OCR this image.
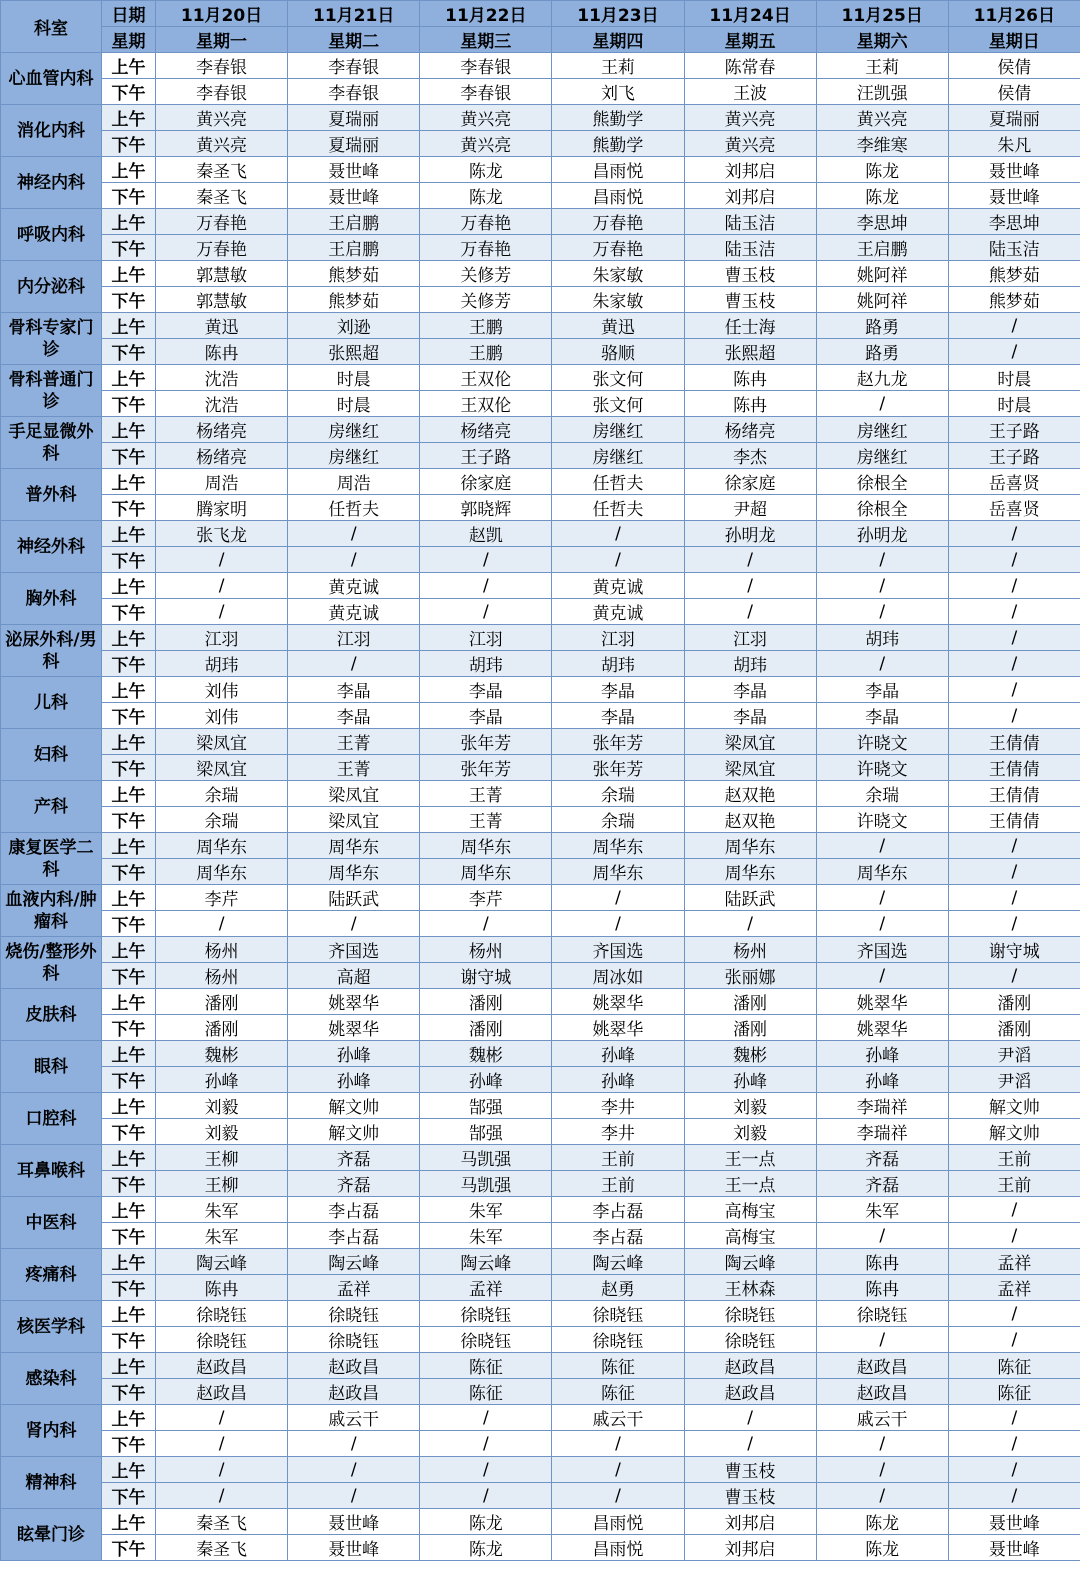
科室	日期	11月20日	11月21日	11月22日	11月23日	11月24日	11月25日	11月26日
	星期	星期一	星期二	星期三	星期四	星期五	星期六	星期日
心血管内科	上午	李春银	李春银	李春银	王莉	陈常春	王莉	侯倩
	下午	李春银	李春银	李春银	刘飞	王波	汪凯强	侯倩
消化内科	上午	黄兴亮	夏瑞丽	黄兴亮	熊勤学	黄兴亮	黄兴亮	夏瑞丽
	下午	黄兴亮	夏瑞丽	黄兴亮	熊勤学	黄兴亮	李维寒	朱凡
神经内科	上午	秦圣飞	聂世峰	陈龙	昌雨悦	刘邦启	陈龙	聂世峰
	下午	秦圣飞	聂世峰	陈龙	昌雨悦	刘邦启	陈龙	聂世峰
呼吸内科	上午	万春艳	王启鹏	万春艳	万春艳	陆玉洁	李思坤	李思坤
	下午	万春艳	王启鹏	万春艳	万春艳	陆玉洁	王启鹏	陆玉洁
内分泌科	上午	郭慧敏	熊梦茹	关修芳	朱家敏	曹玉枝	姚阿祥	熊梦茹
	下午	郭慧敏	熊梦茹	关修芳	朱家敏	曹玉枝	姚阿祥	熊梦茹
骨科专家门诊	上午	黄迅	刘逊	王鹏	黄迅	任士海	路勇	/
	下午	陈冉	张熙超	王鹏	骆顺	张熙超	路勇	/
骨科普通门诊	上午	沈浩	时晨	王双伦	张文何	陈冉	赵九龙	时晨
	下午	沈浩	时晨	王双伦	张文何	陈冉	/	时晨
手足显微外科	上午	杨绪亮	房继红	杨绪亮	房继红	杨绪亮	房继红	王子路
	下午	杨绪亮	房继红	王子路	房继红	李杰	房继红	王子路
普外科	上午	周浩	周浩	徐家庭	任哲夫	徐家庭	徐根全	岳喜贤
	下午	腾家明	任哲夫	郭晓辉	任哲夫	尹超	徐根全	岳喜贤
神经外科	上午	张飞龙	/	赵凯	/	孙明龙	孙明龙	/
	下午	/	/	/	/	/	/	/
胸外科	上午	/	黄克诚	/	黄克诚	/	/	/
	下午	/	黄克诚	/	黄克诚	/	/	/
泌尿外科/男科	上午	江羽	江羽	江羽	江羽	江羽	胡玮	/
	下午	胡玮	/	胡玮	胡玮	胡玮	/	/
儿科	上午	刘伟	李晶	李晶	李晶	李晶	李晶	/
	下午	刘伟	李晶	李晶	李晶	李晶	李晶	/
妇科	上午	梁凤宜	王菁	张年芳	张年芳	梁凤宜	许晓文	王倩倩
	下午	梁凤宜	王菁	张年芳	张年芳	梁凤宜	许晓文	王倩倩
产科	上午	余瑞	梁凤宜	王菁	余瑞	赵双艳	余瑞	王倩倩
	下午	余瑞	梁凤宜	王菁	余瑞	赵双艳	许晓文	王倩倩
康复医学二科	上午	周华东	周华东	周华东	周华东	周华东	/	/
	下午	周华东	周华东	周华东	周华东	周华东	周华东	/
血液内科/肿瘤科	上午	李芹	陆跃武	李芹	/	陆跃武	/	/
	下午	/	/	/	/	/	/	/
烧伤/整形外科	上午	杨州	齐国选	杨州	齐国选	杨州	齐国选	谢守城
	下午	杨州	高超	谢守城	周冰如	张丽娜	/	/
皮肤科	上午	潘刚	姚翠华	潘刚	姚翠华	潘刚	姚翠华	潘刚
	下午	潘刚	姚翠华	潘刚	姚翠华	潘刚	姚翠华	潘刚
眼科	上午	魏彬	孙峰	魏彬	孙峰	魏彬	孙峰	尹滔
	下午	孙峰	孙峰	孙峰	孙峰	孙峰	孙峰	尹滔
口腔科	上午	刘毅	解文帅	郜强	李井	刘毅	李瑞祥	解文帅
	下午	刘毅	解文帅	郜强	李井	刘毅	李瑞祥	解文帅
耳鼻喉科	上午	王柳	齐磊	马凯强	王前	王一点	齐磊	王前
	下午	王柳	齐磊	马凯强	王前	王一点	齐磊	王前
中医科	上午	朱军	李占磊	朱军	李占磊	高梅宝	朱军	/
	下午	朱军	李占磊	朱军	李占磊	高梅宝	/	/
疼痛科	上午	陶云峰	陶云峰	陶云峰	陶云峰	陶云峰	陈冉	孟祥
	下午	陈冉	孟祥	孟祥	赵勇	王林森	陈冉	孟祥
核医学科	上午	徐晓钰	徐晓钰	徐晓钰	徐晓钰	徐晓钰	徐晓钰	/
	下午	徐晓钰	徐晓钰	徐晓钰	徐晓钰	徐晓钰	/	/
感染科	上午	赵政昌	赵政昌	陈征	陈征	赵政昌	赵政昌	陈征
	下午	赵政昌	赵政昌	陈征	陈征	赵政昌	赵政昌	陈征
肾内科	上午	/	戚云干	/	戚云干	/	戚云干	/
	下午	/	/	/	/	/	/	/
精神科	上午	/	/	/	/	曹玉枝	/	/
	下午	/	/	/	/	曹玉枝	/	/
眩晕门诊	上午	秦圣飞	聂世峰	陈龙	昌雨悦	刘邦启	陈龙	聂世峰
	下午	秦圣飞	聂世峰	陈龙	昌雨悦	刘邦启	陈龙	聂世峰
